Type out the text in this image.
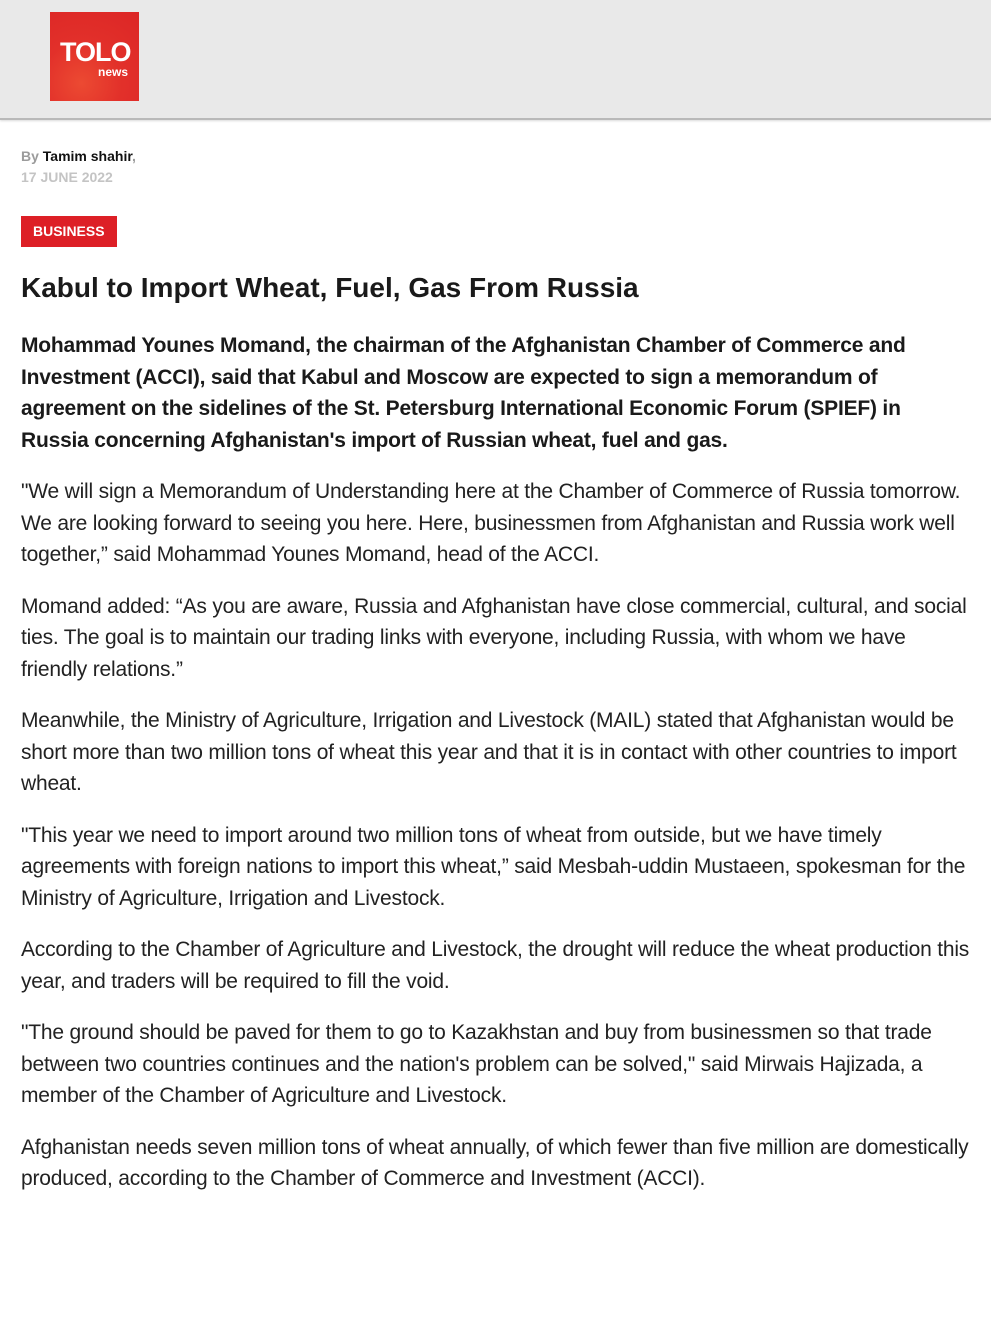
TOLO
news
By Tamim shahir,
17 JUNE 2022
BUSINESS
Kabul to Import Wheat, Fuel, Gas From Russia

Mohammad Younes Momand, the chairman of the Afghanistan Chamber of Commerce and Investment (ACCI), said that Kabul and Moscow are expected to sign a memorandum of agreement on the sidelines of the St. Petersburg International Economic Forum (SPIEF) in Russia concerning Afghanistan's import of Russian wheat, fuel and gas.

"We will sign a Memorandum of Understanding here at the Chamber of Commerce of Russia tomorrow. We are looking forward to seeing you here. Here, businessmen from Afghanistan and Russia work well together,” said Mohammad Younes Momand, head of the ACCI.

Momand added: “As you are aware, Russia and Afghanistan have close commercial, cultural, and social ties. The goal is to maintain our trading links with everyone, including Russia, with whom we have friendly relations.”

Meanwhile, the Ministry of Agriculture, Irrigation and Livestock (MAIL) stated that Afghanistan would be short more than two million tons of wheat this year and that it is in contact with other countries to import wheat.

"This year we need to import around two million tons of wheat from outside, but we have timely agreements with foreign nations to import this wheat,” said Mesbah-uddin Mustaeen, spokesman for the Ministry of Agriculture, Irrigation and Livestock.

According to the Chamber of Agriculture and Livestock, the drought will reduce the wheat production this year, and traders will be required to fill the void.

"The ground should be paved for them to go to Kazakhstan and buy from businessmen so that trade between two countries continues and the nation's problem can be solved," said Mirwais Hajizada, a member of the Chamber of Agriculture and Livestock.

Afghanistan needs seven million tons of wheat annually, of which fewer than five million are domestically produced, according to the Chamber of Commerce and Investment (ACCI).
